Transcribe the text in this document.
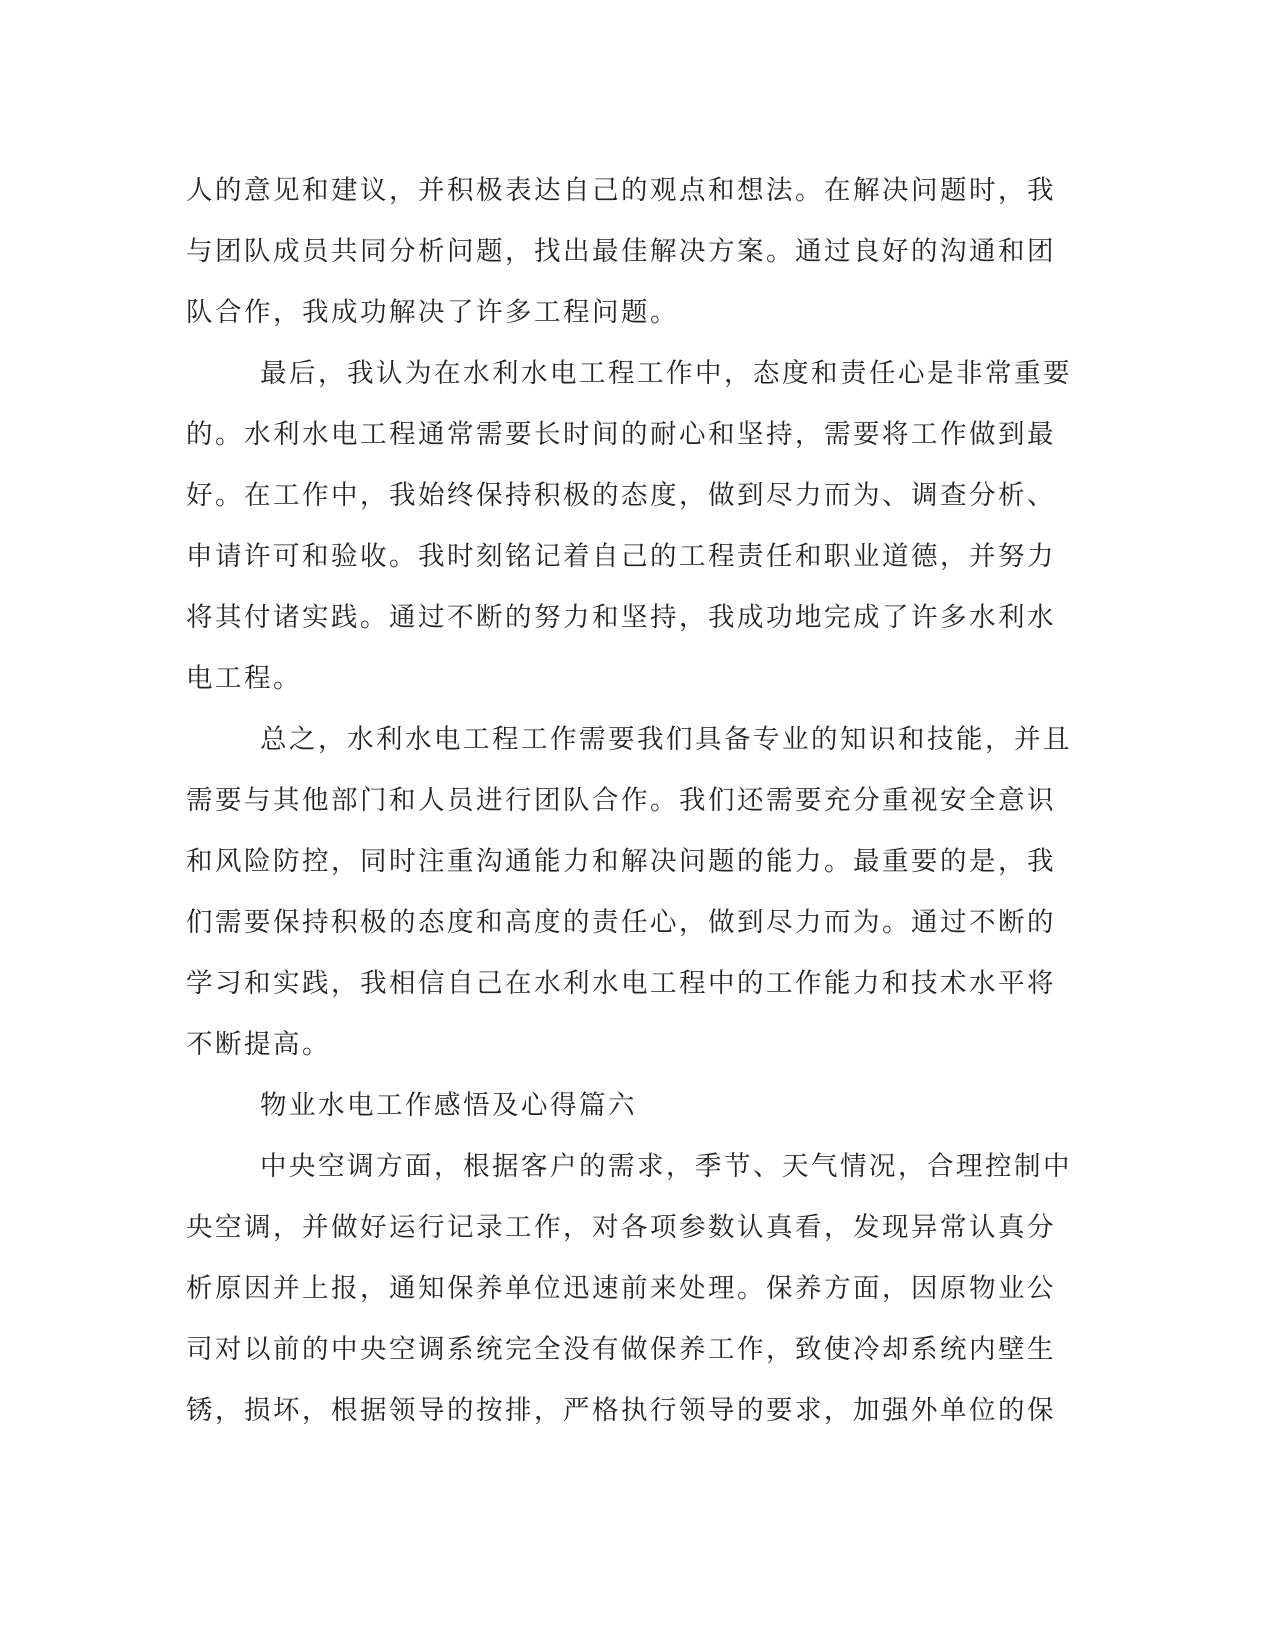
人的意见和建议，并积极表达自己的观点和想法。在解决问题时，我
与团队成员共同分析问题，找出最佳解决方案。通过良好的沟通和团
队合作，我成功解决了许多工程问题。
最后，我认为在水利水电工程工作中，态度和责任心是非常重要
的。水利水电工程通常需要长时间的耐心和坚持，需要将工作做到最
好。在工作中，我始终保持积极的态度，做到尽力而为、调查分析、
申请许可和验收。我时刻铭记着自己的工程责任和职业道德，并努力
将其付诸实践。通过不断的努力和坚持，我成功地完成了许多水利水
电工程。
总之，水利水电工程工作需要我们具备专业的知识和技能，并且
需要与其他部门和人员进行团队合作。我们还需要充分重视安全意识
和风险防控，同时注重沟通能力和解决问题的能力。最重要的是，我
们需要保持积极的态度和高度的责任心，做到尽力而为。通过不断的
学习和实践，我相信自己在水利水电工程中的工作能力和技术水平将
不断提高。
物业水电工作感悟及心得篇六
中央空调方面，根据客户的需求，季节、天气情况，合理控制中
央空调，并做好运行记录工作，对各项参数认真看，发现异常认真分
析原因并上报，通知保养单位迅速前来处理。保养方面，因原物业公
司对以前的中央空调系统完全没有做保养工作，致使冷却系统内壁生
锈，损坏，根据领导的按排，严格执行领导的要求，加强外单位的保
